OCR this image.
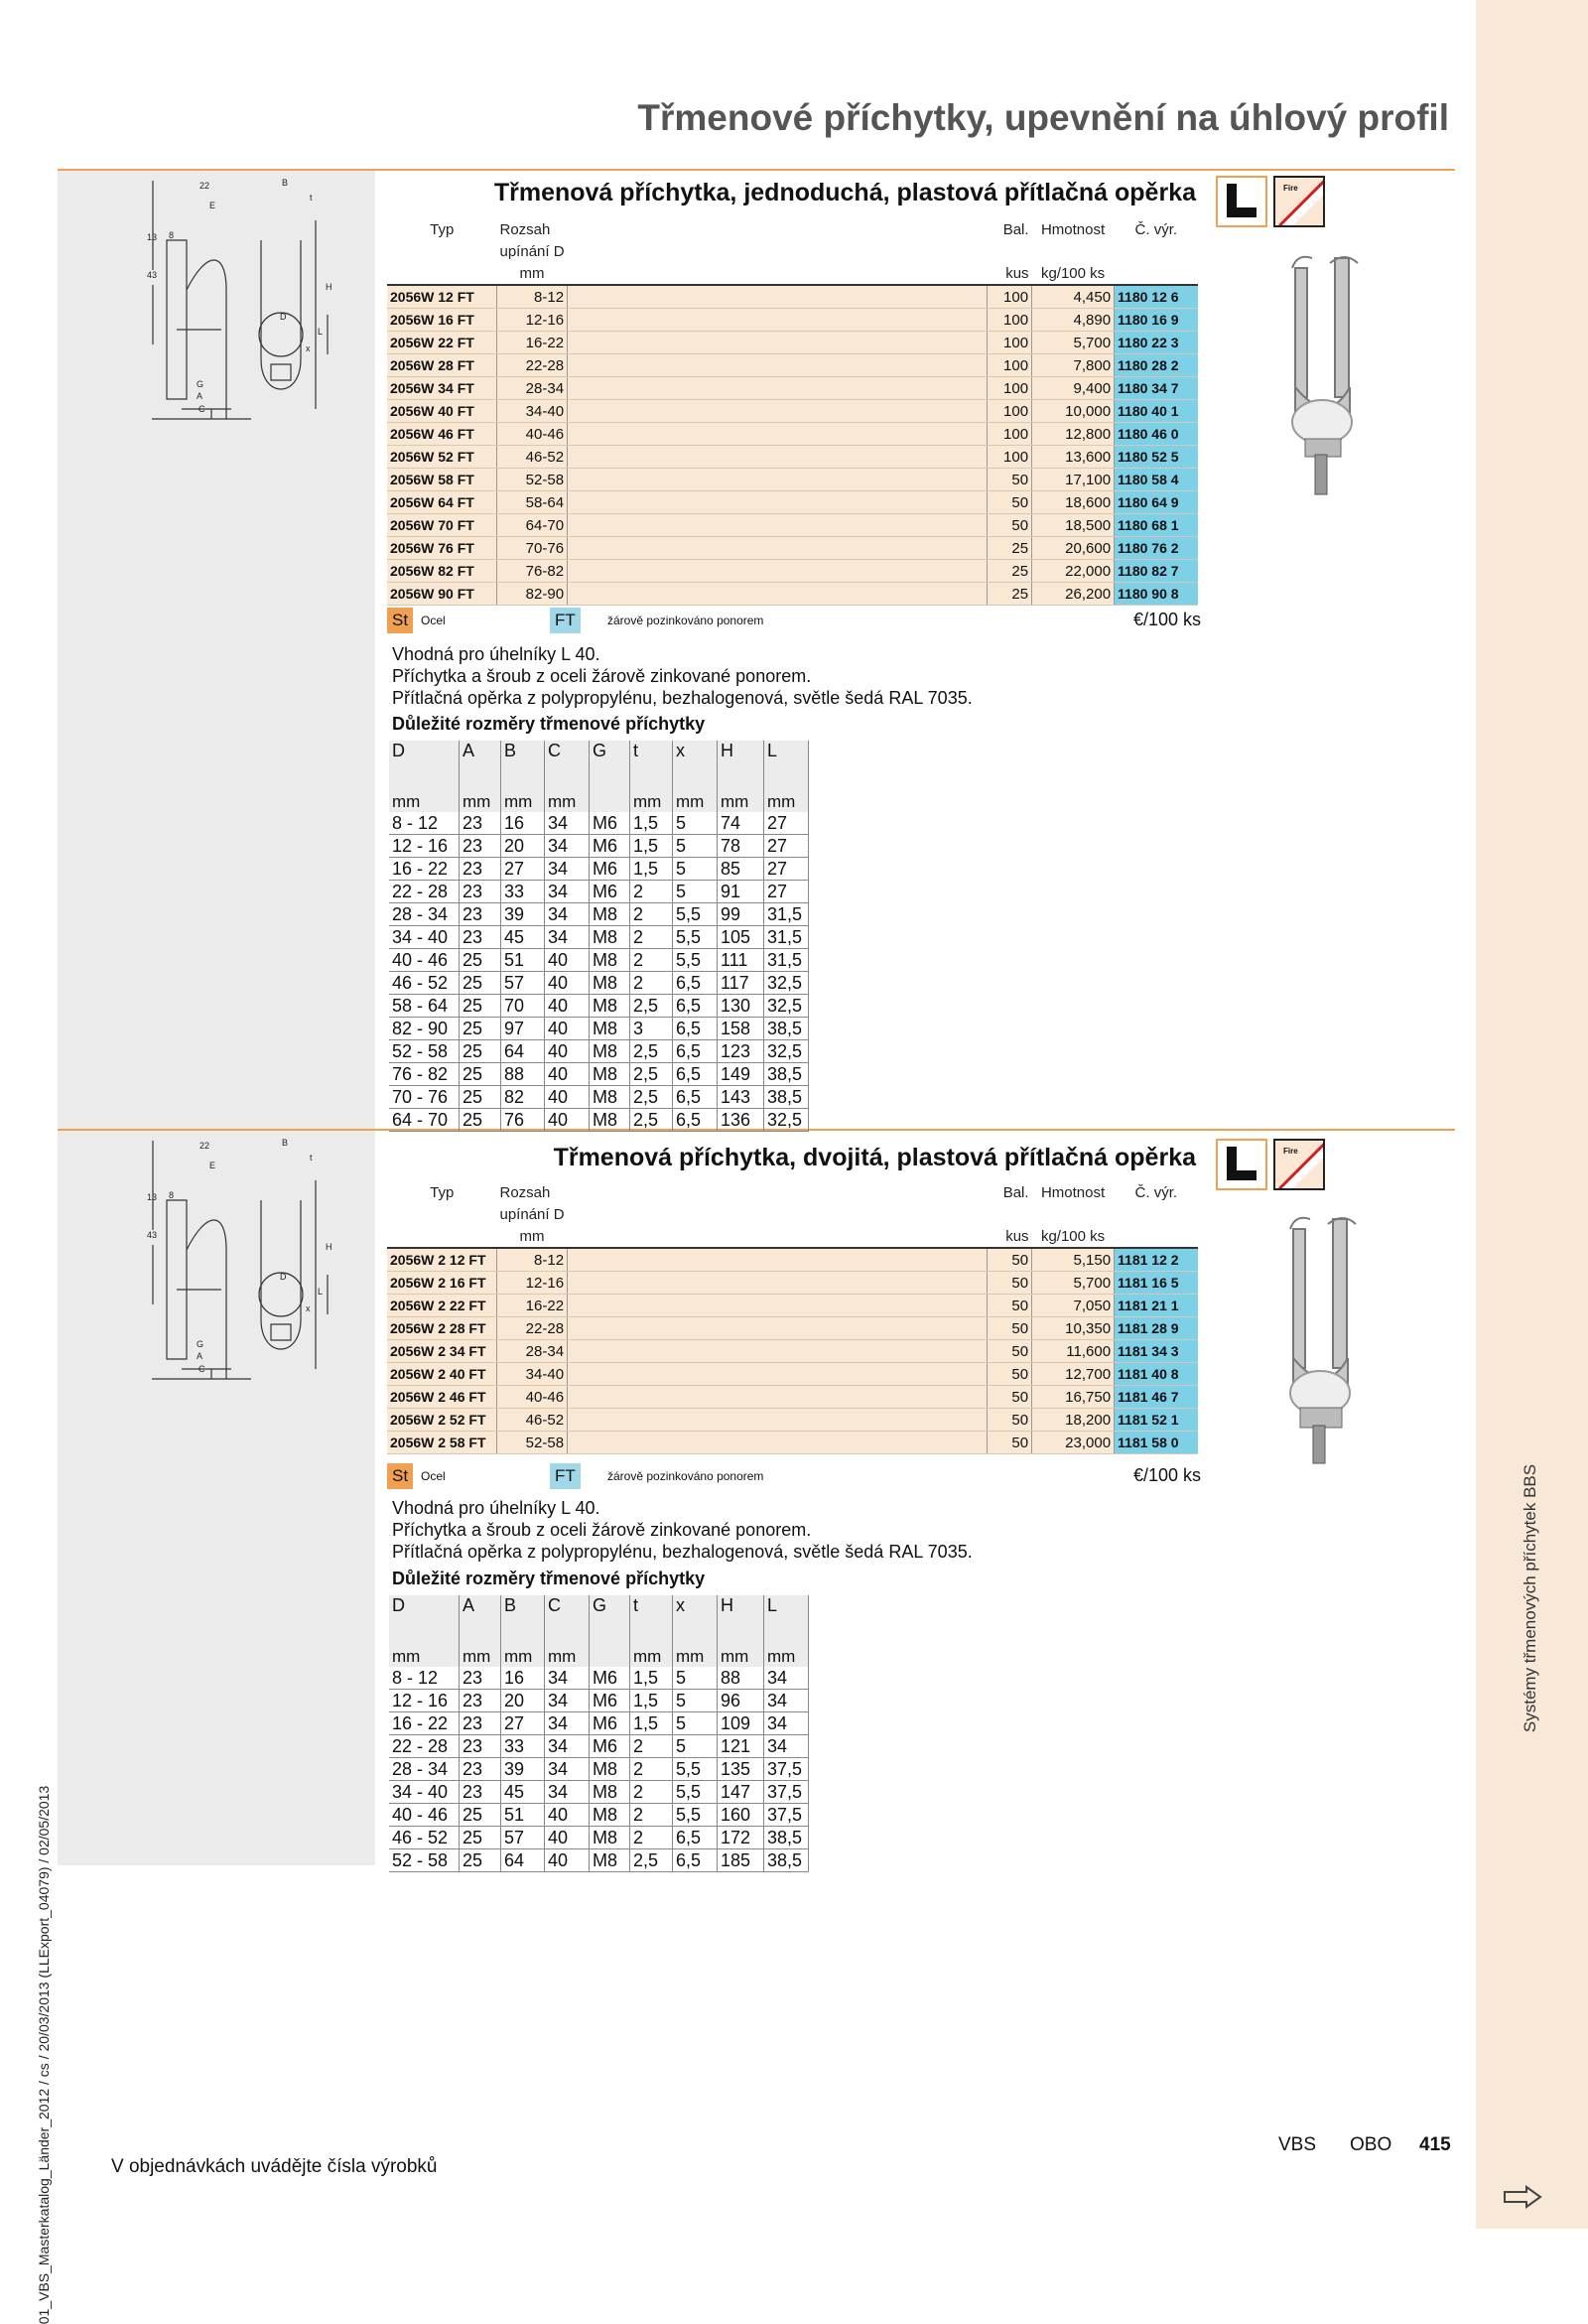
Systémy třmenových příchytek BBS
Třmenové příchytky, upevnění na úhlový profil
01_VBS_Masterkatalog_Länder_2012 / cs / 20/03/2013 (LLExport_04079) / 02/05/2013
22	B
E
t
13 8
43
H
D
x
L
G
A
C
Třmenová příchytka, jednoduchá, plastová přítlačná opěrka	Fire
Typ	Rozsah		Bal.	Hmotnost	Č. výr.
	upínání D				
	mm		kus	kg/100 ks	
2056W 12 FT	8-12		100	4,450	1180 12 6
2056W 16 FT	12-16		100	4,890	1180 16 9
2056W 22 FT	16-22		100	5,700	1180 22 3
2056W 28 FT	22-28		100	7,800	1180 28 2
2056W 34 FT	28-34		100	9,400	1180 34 7
2056W 40 FT	34-40		100	10,000	1180 40 1
2056W 46 FT	40-46		100	12,800	1180 46 0
2056W 52 FT	46-52		100	13,600	1180 52 5
2056W 58 FT	52-58		50	17,100	1180 58 4
2056W 64 FT	58-64		50	18,600	1180 64 9
2056W 70 FT	64-70		50	18,500	1180 68 1
2056W 76 FT	70-76		25	20,600	1180 76 2
2056W 82 FT	76-82		25	22,000	1180 82 7
2056W 90 FT	82-90		25	26,200	1180 90 8
St	Ocel	FT	žárově pozinkováno ponorem	€/100 ks
Vhodná pro úhelníky L 40.
Příchytka a šroub z oceli žárově zinkované ponorem.
Přítlačná opěrka z polypropylénu, bezhalogenová, světle šedá RAL 7035.
Důležité rozměry třmenové příchytky
D	A	B	C	G	t	x	H	L

mm	mm	mm	mm		mm	mm	mm	mm
8 - 12	23	16	34	M6	1,5	5	74	27
12 - 16	23	20	34	M6	1,5	5	78	27
16 - 22	23	27	34	M6	1,5	5	85	27
22 - 28	23	33	34	M6	2	5	91	27
28 - 34	23	39	34	M8	2	5,5	99	31,5
34 - 40	23	45	34	M8	2	5,5	105	31,5
40 - 46	25	51	40	M8	2	5,5	111	31,5
46 - 52	25	57	40	M8	2	6,5	117	32,5
58 - 64	25	70	40	M8	2,5	6,5	130	32,5
82 - 90	25	97	40	M8	3	6,5	158	38,5
52 - 58	25	64	40	M8	2,5	6,5	123	32,5
76 - 82	25	88	40	M8	2,5	6,5	149	38,5
70 - 76	25	82	40	M8	2,5	6,5	143	38,5
64 - 70	25	76	40	M8	2,5	6,5	136	32,5
22	B
E
t
13 8
43
H
D
x
L
G
A
C
Třmenová příchytka, dvojitá, plastová přítlačná opěrka	Fire
Typ	Rozsah		Bal.	Hmotnost	Č. výr.
	upínání D				
	mm		kus	kg/100 ks	
2056W 2 12 FT	8-12		50	5,150	1181 12 2
2056W 2 16 FT	12-16		50	5,700	1181 16 5
2056W 2 22 FT	16-22		50	7,050	1181 21 1
2056W 2 28 FT	22-28		50	10,350	1181 28 9
2056W 2 34 FT	28-34		50	11,600	1181 34 3
2056W 2 40 FT	34-40		50	12,700	1181 40 8
2056W 2 46 FT	40-46		50	16,750	1181 46 7
2056W 2 52 FT	46-52		50	18,200	1181 52 1
2056W 2 58 FT	52-58		50	23,000	1181 58 0
St	Ocel	FT	žárově pozinkováno ponorem	€/100 ks
Vhodná pro úhelníky L 40.
Příchytka a šroub z oceli žárově zinkované ponorem.
Přítlačná opěrka z polypropylénu, bezhalogenová, světle šedá RAL 7035.
Důležité rozměry třmenové příchytky
D	A	B	C	G	t	x	H	L

mm	mm	mm	mm		mm	mm	mm	mm
8 - 12	23	16	34	M6	1,5	5	88	34
12 - 16	23	20	34	M6	1,5	5	96	34
16 - 22	23	27	34	M6	1,5	5	109	34
22 - 28	23	33	34	M6	2	5	121	34
28 - 34	23	39	34	M8	2	5,5	135	37,5
34 - 40	23	45	34	M8	2	5,5	147	37,5
40 - 46	25	51	40	M8	2	5,5	160	37,5
46 - 52	25	57	40	M8	2	6,5	172	38,5
52 - 58	25	64	40	M8	2,5	6,5	185	38,5
V objednávkách uvádějte čísla výrobků
VBS OBO 415
